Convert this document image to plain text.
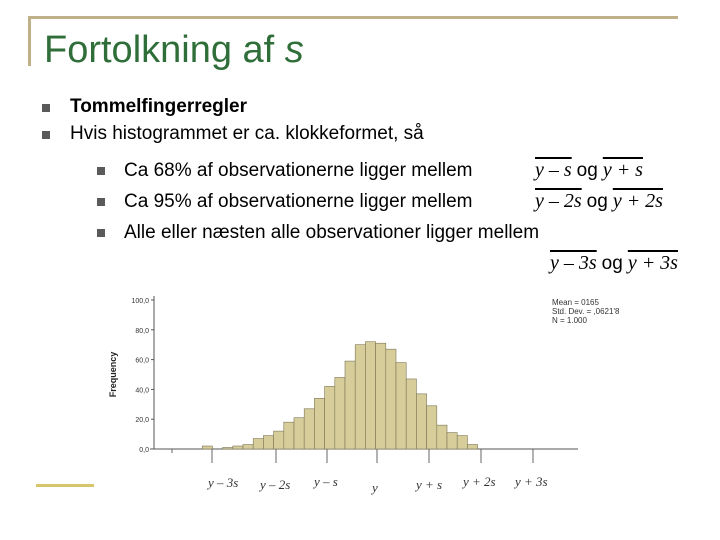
Fortolkning af s
Tommelfingerregler
Hvis histogrammet er ca. klokkeformet, så
Ca 68% af observationerne ligger mellem	y – s og y + s
Ca 95% af observationerne ligger mellem	y – 2s og y + 2s
Alle eller næsten alle observationer ligger mellem
y – 3s og y + 3s
0,0
20,0
40,0
60,0
80,0
100,0
Frequency
Mean = 0165
Std. Dev. = ,0621'8
N = 1.000
y – 3s y – 2s y – s	y	y + s y + 2s y + 3s
